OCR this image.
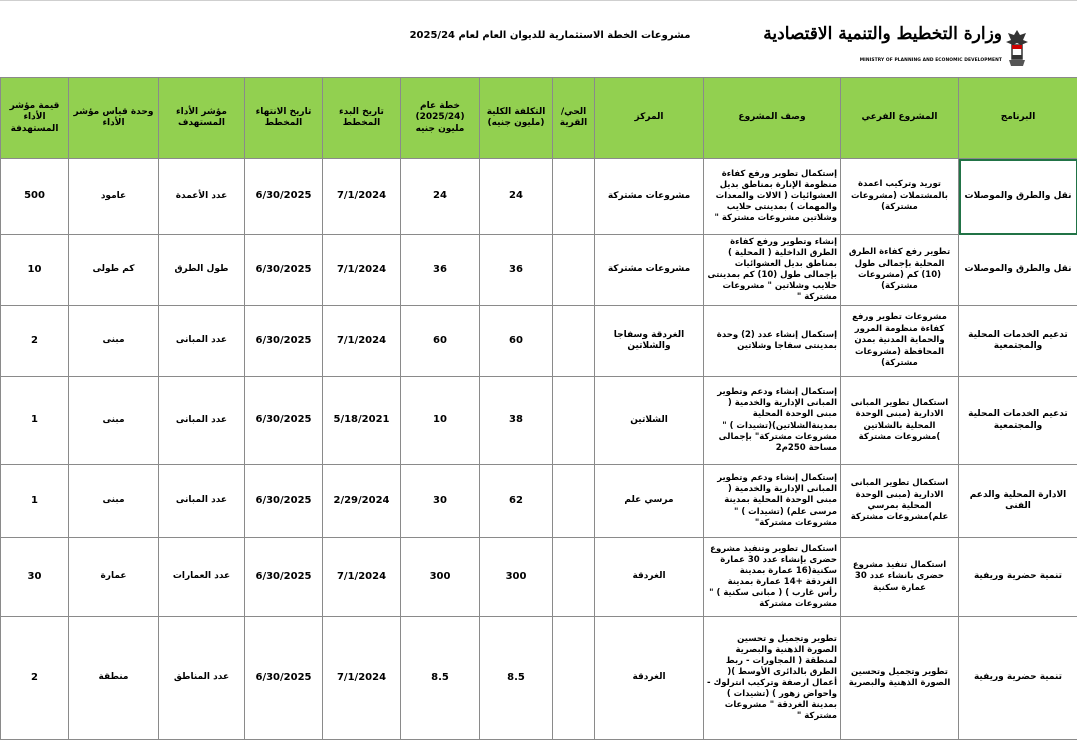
مشروعات الخطة الاستثمارية للديوان العام لعام 2025/24	وزارة التخطيط والتنمية الاقتصادية
MINISTRY OF PLANNING AND ECONOMIC DEVELOPMENT
البرنامج	المشروع الفرعي	وصف المشروع	المركز	الحي/ القرية	التكلفة الكلية (مليون جنيه)	خطة عام (2025/24) مليون جنيه	تاريخ البدء المخطط	تاريخ الانتهاء المخطط	مؤشر الأداء المستهدف	وحدة قياس مؤشر الأداء	قيمة مؤشر الأداء المستهدفة
نقل والطرق والموصلات	توريد وتركيب اعمدة بالمشتملات (مشروعات مشتركة)	إستكمال تطوير ورفع كفاءة منظومة الإنارة بمناطق بديل العشوائيات ( الالات والمعدات والمهمات ) بمدينتى حلايب وشلاتين مشروعات مشتركة "	مشروعات مشتركة		24	24	7/1/2024	6/30/2025	عدد الأعمدة	عامود	500
نقل والطرق والموصلات	تطوير رفع كفاءة الطرق المحلية بإجمالى طول (10) كم (مشروعات مشتركة)	إنشاء وتطوير ورفع كفاءة الطرق الداخلية ( المحلية ) بمناطق بديل العشوائيات بإجمالى طول (10) كم بمدينتى حلايب وشلاتين " مشروعات مشتركة "	مشروعات مشتركة		36	36	7/1/2024	6/30/2025	طول الطرق	كم طولى	10
تدعيم الخدمات المحلية والمجتمعية	مشروعات تطوير ورفع كفاءة منظومة المرور والحماية المدنية بمدن المحافظة (مشروعات مشتركة)	إستكمال إنشاء عدد (2) وحدة بمدينتى سفاجا وشلاتين	الغردقة وسفاجا والشلاتين		60	60	7/1/2024	6/30/2025	عدد المبانى	مبنى	2
تدعيم الخدمات المحلية والمجتمعية	استكمال تطوير المبانى الادارية (مبنى الوحدة المحلية بالشلاتين )مشروعات مشتركة	إستكمال إنشاء ودعم وتطوير المبانى الإدارية والخدمية ( مبنى الوحدة المحلية بمدينةالشلاتين)(تشيدات ) " مشروعات مشتركة" بإجمالى مساحة 250م2	الشلاتين		38	10	5/18/2021	6/30/2025	عدد المبانى	مبنى	1
الادارة المحلية والدعم الفنى	استكمال تطوير المبانى الادارية (مبنى الوحدة المحلية بمرسي علم)مشروعات مشتركة	إستكمال إنشاء ودعم وتطوير المبانى الإدارية والخدمية ( مبنى الوحدة المحلية بمدينة مرسى علم) (تشيدات ) " مشروعات مشتركة"	مرسي علم		62	30	2/29/2024	6/30/2025	عدد المبانى	مبنى	1
تنمية حضرية وريفية	استكمال تنفيذ مشروع حضرى بانشاء عدد 30 عمارة سكنية	استكمال تطوير وتنفيذ مشروع حضرى بإنشاء عدد 30 عمارة سكنية(16 عمارة بمدينة الغردقة +14 عمارة بمدينة رأس غارب ) ( مبانى سكنية ) " مشروعات مشتركة	الغردقة		300	300	7/1/2024	6/30/2025	عدد العمارات	عمارة	30
تنمية حضرية وريفية	تطوير وتجميل وتحسين الصورة الذهنية والبصرية	تطوير وتجميل و تحسين الصورة الذهنية والبصرية لمنطقة ( المجاورات - ربط الطرق بالدائرى الأوسط )( أعمال ارصفة وتركيب انترلوك - واحواض زهور ) (تشيدات ) بمدينة الغردقة " مشروعات مشتركة "	الغردقة		8.5	8.5	7/1/2024	6/30/2025	عدد المناطق	منطقة	2
